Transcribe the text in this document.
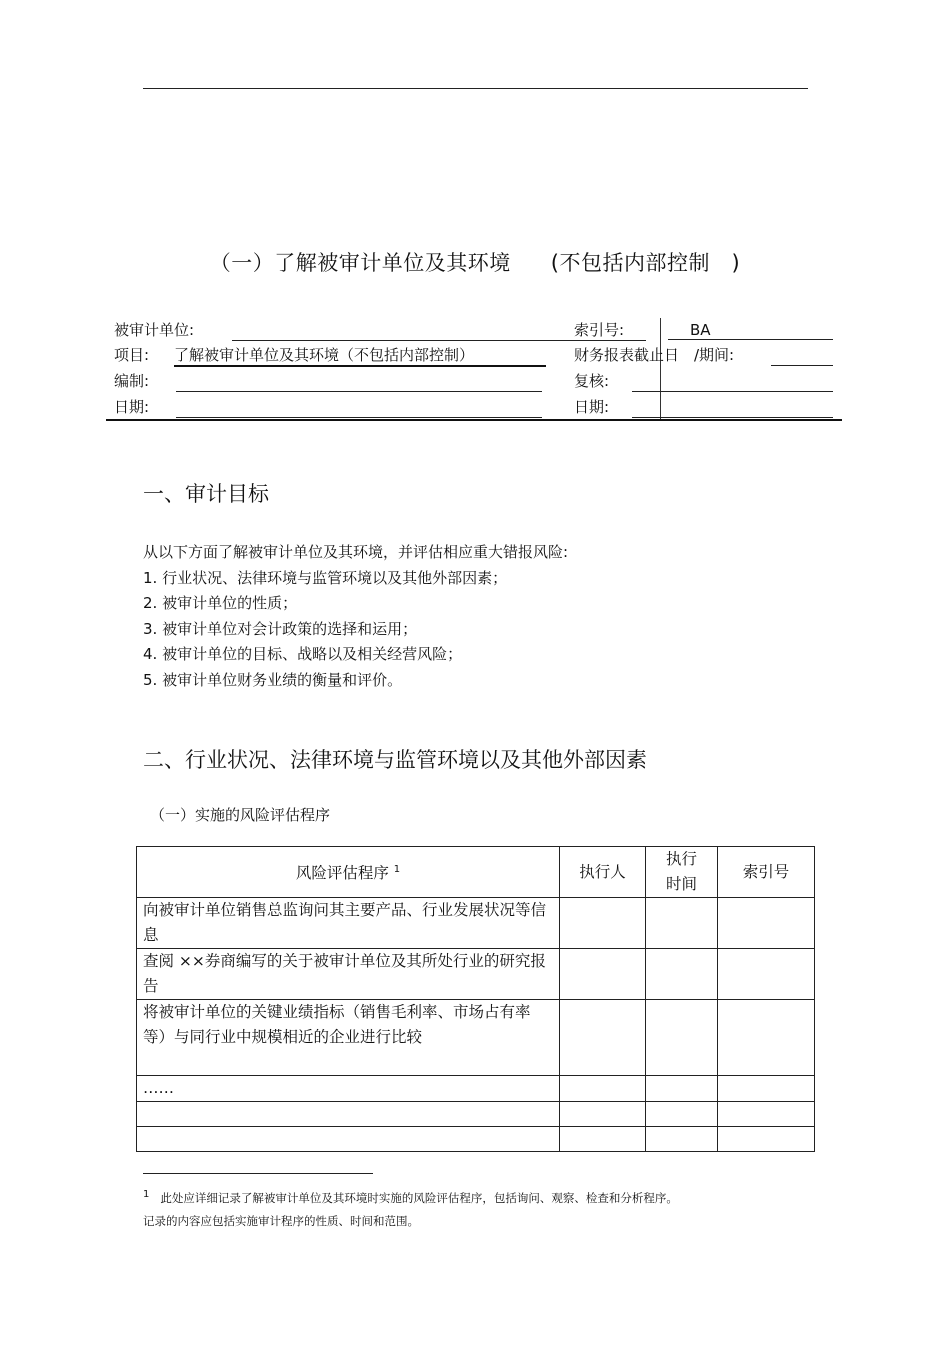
（一）了解被审计单位及其环境 (不包括内部控制　)
被审计单位:	索引号:	BA
项目: 了解被审计单位及其环境（不包括内部控制）	财务报表截止日　/期间:
编制:	复核:
日期:	日期:
一、审计目标
从以下方面了解被审计单位及其环境，并评估相应重大错报风险:
1. 行业状况、法律环境与监管环境以及其他外部因素；
2. 被审计单位的性质；
3. 被审计单位对会计政策的选择和运用；
4. 被审计单位的目标、战略以及相关经营风险；
5. 被审计单位财务业绩的衡量和评价。
二、行业状况、法律环境与监管环境以及其他外部因素
（一）实施的风险评估程序
风险评估程序 $^1$	执行人	执行时间	索引号
向被审计单位销售总监询问其主要产品、行业发展状况等信息			
查阅 ××券商编写的关于被审计单位及其所处行业的研究报告			
将被审计单位的关键业绩指标（销售毛利率、市场占有率等）与同行业中规模相近的企业进行比较			
……			

$^1$ 此处应详细记录了解被审计单位及其环境时实施的风险评估程序，包括询问、观察、检查和分析程序。
记录的内容应包括实施审计程序的性质、时间和范围。
